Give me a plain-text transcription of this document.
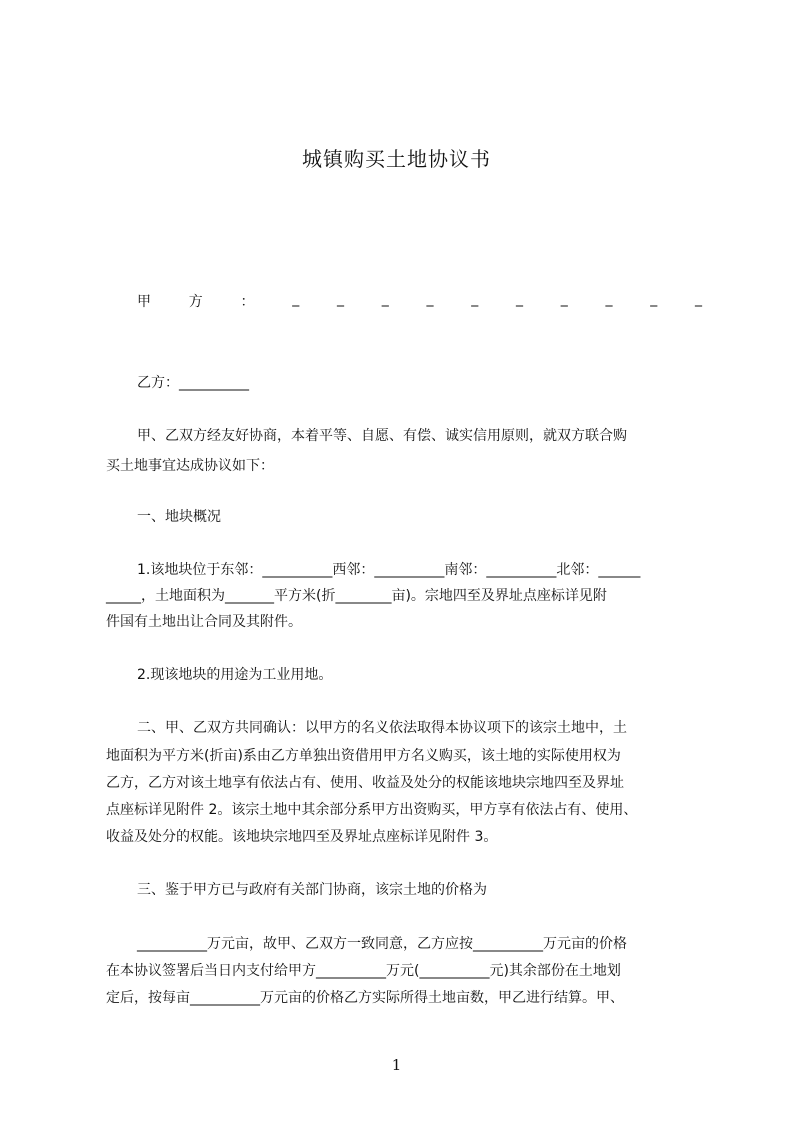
城镇购买土地协议书
甲	方	：	_	_	_	_	_	_	_	_	_	_
乙方：__________
甲、乙双方经友好协商，本着平等、自愿、有偿、诚实信用原则，就双方联合购
买土地事宜达成协议如下：
一、地块概况
1.该地块位于东邻：__________西邻：__________南邻：__________北邻：______
_____，土地面积为_______平方米(折________亩)。宗地四至及界址点座标详见附
件国有土地出让合同及其附件。
2.现该地块的用途为工业用地。
二、甲、乙双方共同确认：以甲方的名义依法取得本协议项下的该宗土地中，土
地面积为平方米(折亩)系由乙方单独出资借用甲方名义购买，该土地的实际使用权为
乙方，乙方对该土地享有依法占有、使用、收益及处分的权能该地块宗地四至及界址
点座标详见附件 2。该宗土地中其余部分系甲方出资购买，甲方享有依法占有、使用、
收益及处分的权能。该地块宗地四至及界址点座标详见附件 3。
三、鉴于甲方已与政府有关部门协商，该宗土地的价格为
__________万元亩，故甲、乙双方一致同意，乙方应按__________万元亩的价格
在本协议签署后当日内支付给甲方__________万元(__________元)其余部份在土地划
定后，按每亩__________万元亩的价格乙方实际所得土地亩数，甲乙进行结算。甲、
1
